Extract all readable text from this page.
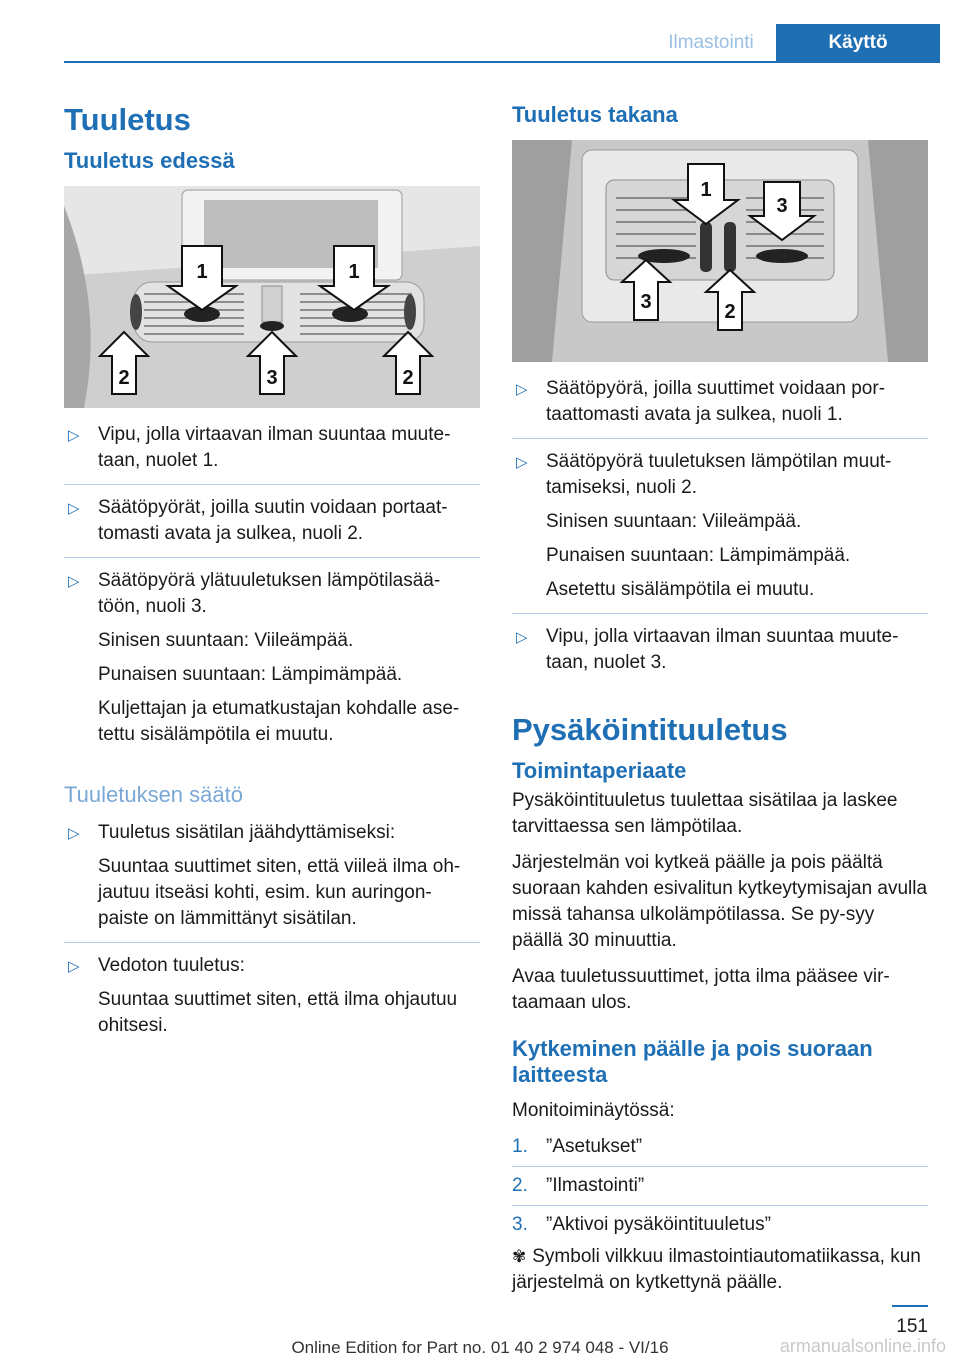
Ilmastointi	Käyttö
Tuuletus
Tuuletus edessä
1	1
2	3	2
▷ Vipu, jolla virtaavan ilman suuntaa muute-taan, nuolet 1.
▷ Säätöpyörät, joilla suutin voidaan portaat-tomasti avata ja sulkea, nuoli 2.
▷ Säätöpyörä ylätuuletuksen lämpötilasää-töön, nuoli 3.

Sinisen suuntaan: Viileämpää.

Punaisen suuntaan: Lämpimämpää.

Kuljettajan ja etumatkustajan kohdalle ase-tettu sisälämpötila ei muutu.

Tuuletuksen säätö
▷ Tuuletus sisätilan jäähdyttämiseksi:

Suuntaa suuttimet siten, että viileä ilma oh-jautuu itseäsi kohti, esim. kun auringon-paiste on lämmittänyt sisätilan.

▷ Vedoton tuuletus:

Suuntaa suuttimet siten, että ilma ohjautuu ohitsesi.

Tuuletus takana
1
3
3	2
▷ Säätöpyörä, joilla suuttimet voidaan por-taattomasti avata ja sulkea, nuoli 1.
▷ Säätöpyörä tuuletuksen lämpötilan muut-tamiseksi, nuoli 2.

Sinisen suuntaan: Viileämpää.

Punaisen suuntaan: Lämpimämpää.

Asetettu sisälämpötila ei muutu.

▷ Vipu, jolla virtaavan ilman suuntaa muute-taan, nuolet 3.
Pysäköintituuletus
Toimintaperiaate

Pysäköintituuletus tuulettaa sisätilaa ja laskee tarvittaessa sen lämpötilaa.

Järjestelmän voi kytkeä päälle ja pois päältä suoraan kahden esivalitun kytkeytymisajan avulla missä tahansa ulkolämpötilassa. Se py-syy päällä 30 minuuttia.

Avaa tuuletussuuttimet, jotta ilma pääsee vir-taamaan ulos.

Kytkeminen päälle ja pois suoraan laitteesta

Monitoiminäytössä:

1. ”Asetukset”
2. ”Ilmastointi”
3. ”Aktivoi pysäköintituuletus”

✾ Symboli vilkkuu ilmastointiautomatiikassa, kun järjestelmä on kytkettynä päälle.

151
Online Edition for Part no. 01 40 2 974 048 - VI/16	armanualsonline.info
